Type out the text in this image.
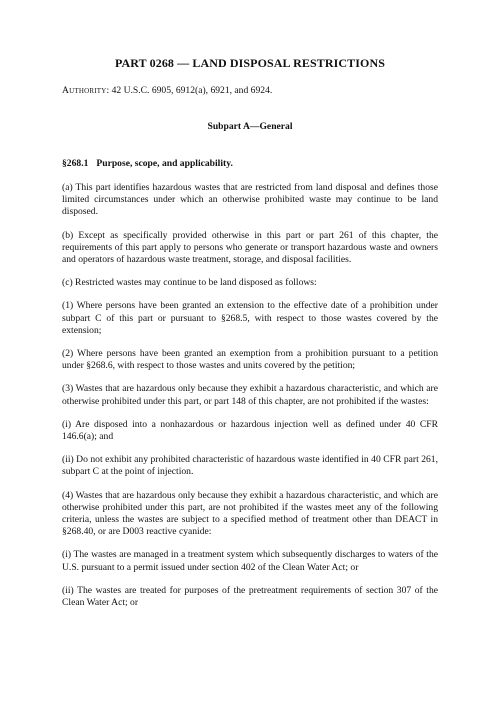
PART 0268 — LAND DISPOSAL RESTRICTIONS
Authority: 42 U.S.C. 6905, 6912(a), 6921, and 6924.
Subpart A—General
§268.1 Purpose, scope, and applicability.

(a) This part identifies hazardous wastes that are restricted from land disposal and defines those limited circumstances under which an otherwise prohibited waste may continue to be land disposed.

(b) Except as specifically provided otherwise in this part or part 261 of this chapter, the requirements of this part apply to persons who generate or transport hazardous waste and owners and operators of hazardous waste treatment, storage, and disposal facilities.

(c) Restricted wastes may continue to be land disposed as follows:

(1) Where persons have been granted an extension to the effective date of a prohibition under subpart C of this part or pursuant to §268.5, with respect to those wastes covered by the extension;

(2) Where persons have been granted an exemption from a prohibition pursuant to a petition under §268.6, with respect to those wastes and units covered by the petition;

(3) Wastes that are hazardous only because they exhibit a hazardous characteristic, and which are otherwise prohibited under this part, or part 148 of this chapter, are not prohibited if the wastes:

(i) Are disposed into a nonhazardous or hazardous injection well as defined under 40 CFR 146.6(a); and

(ii) Do not exhibit any prohibited characteristic of hazardous waste identified in 40 CFR part 261, subpart C at the point of injection.

(4) Wastes that are hazardous only because they exhibit a hazardous characteristic, and which are otherwise prohibited under this part, are not prohibited if the wastes meet any of the following criteria, unless the wastes are subject to a specified method of treatment other than DEACT in §268.40, or are D003 reactive cyanide:

(i) The wastes are managed in a treatment system which subsequently discharges to waters of the U.S. pursuant to a permit issued under section 402 of the Clean Water Act; or

(ii) The wastes are treated for purposes of the pretreatment requirements of section 307 of the Clean Water Act; or
